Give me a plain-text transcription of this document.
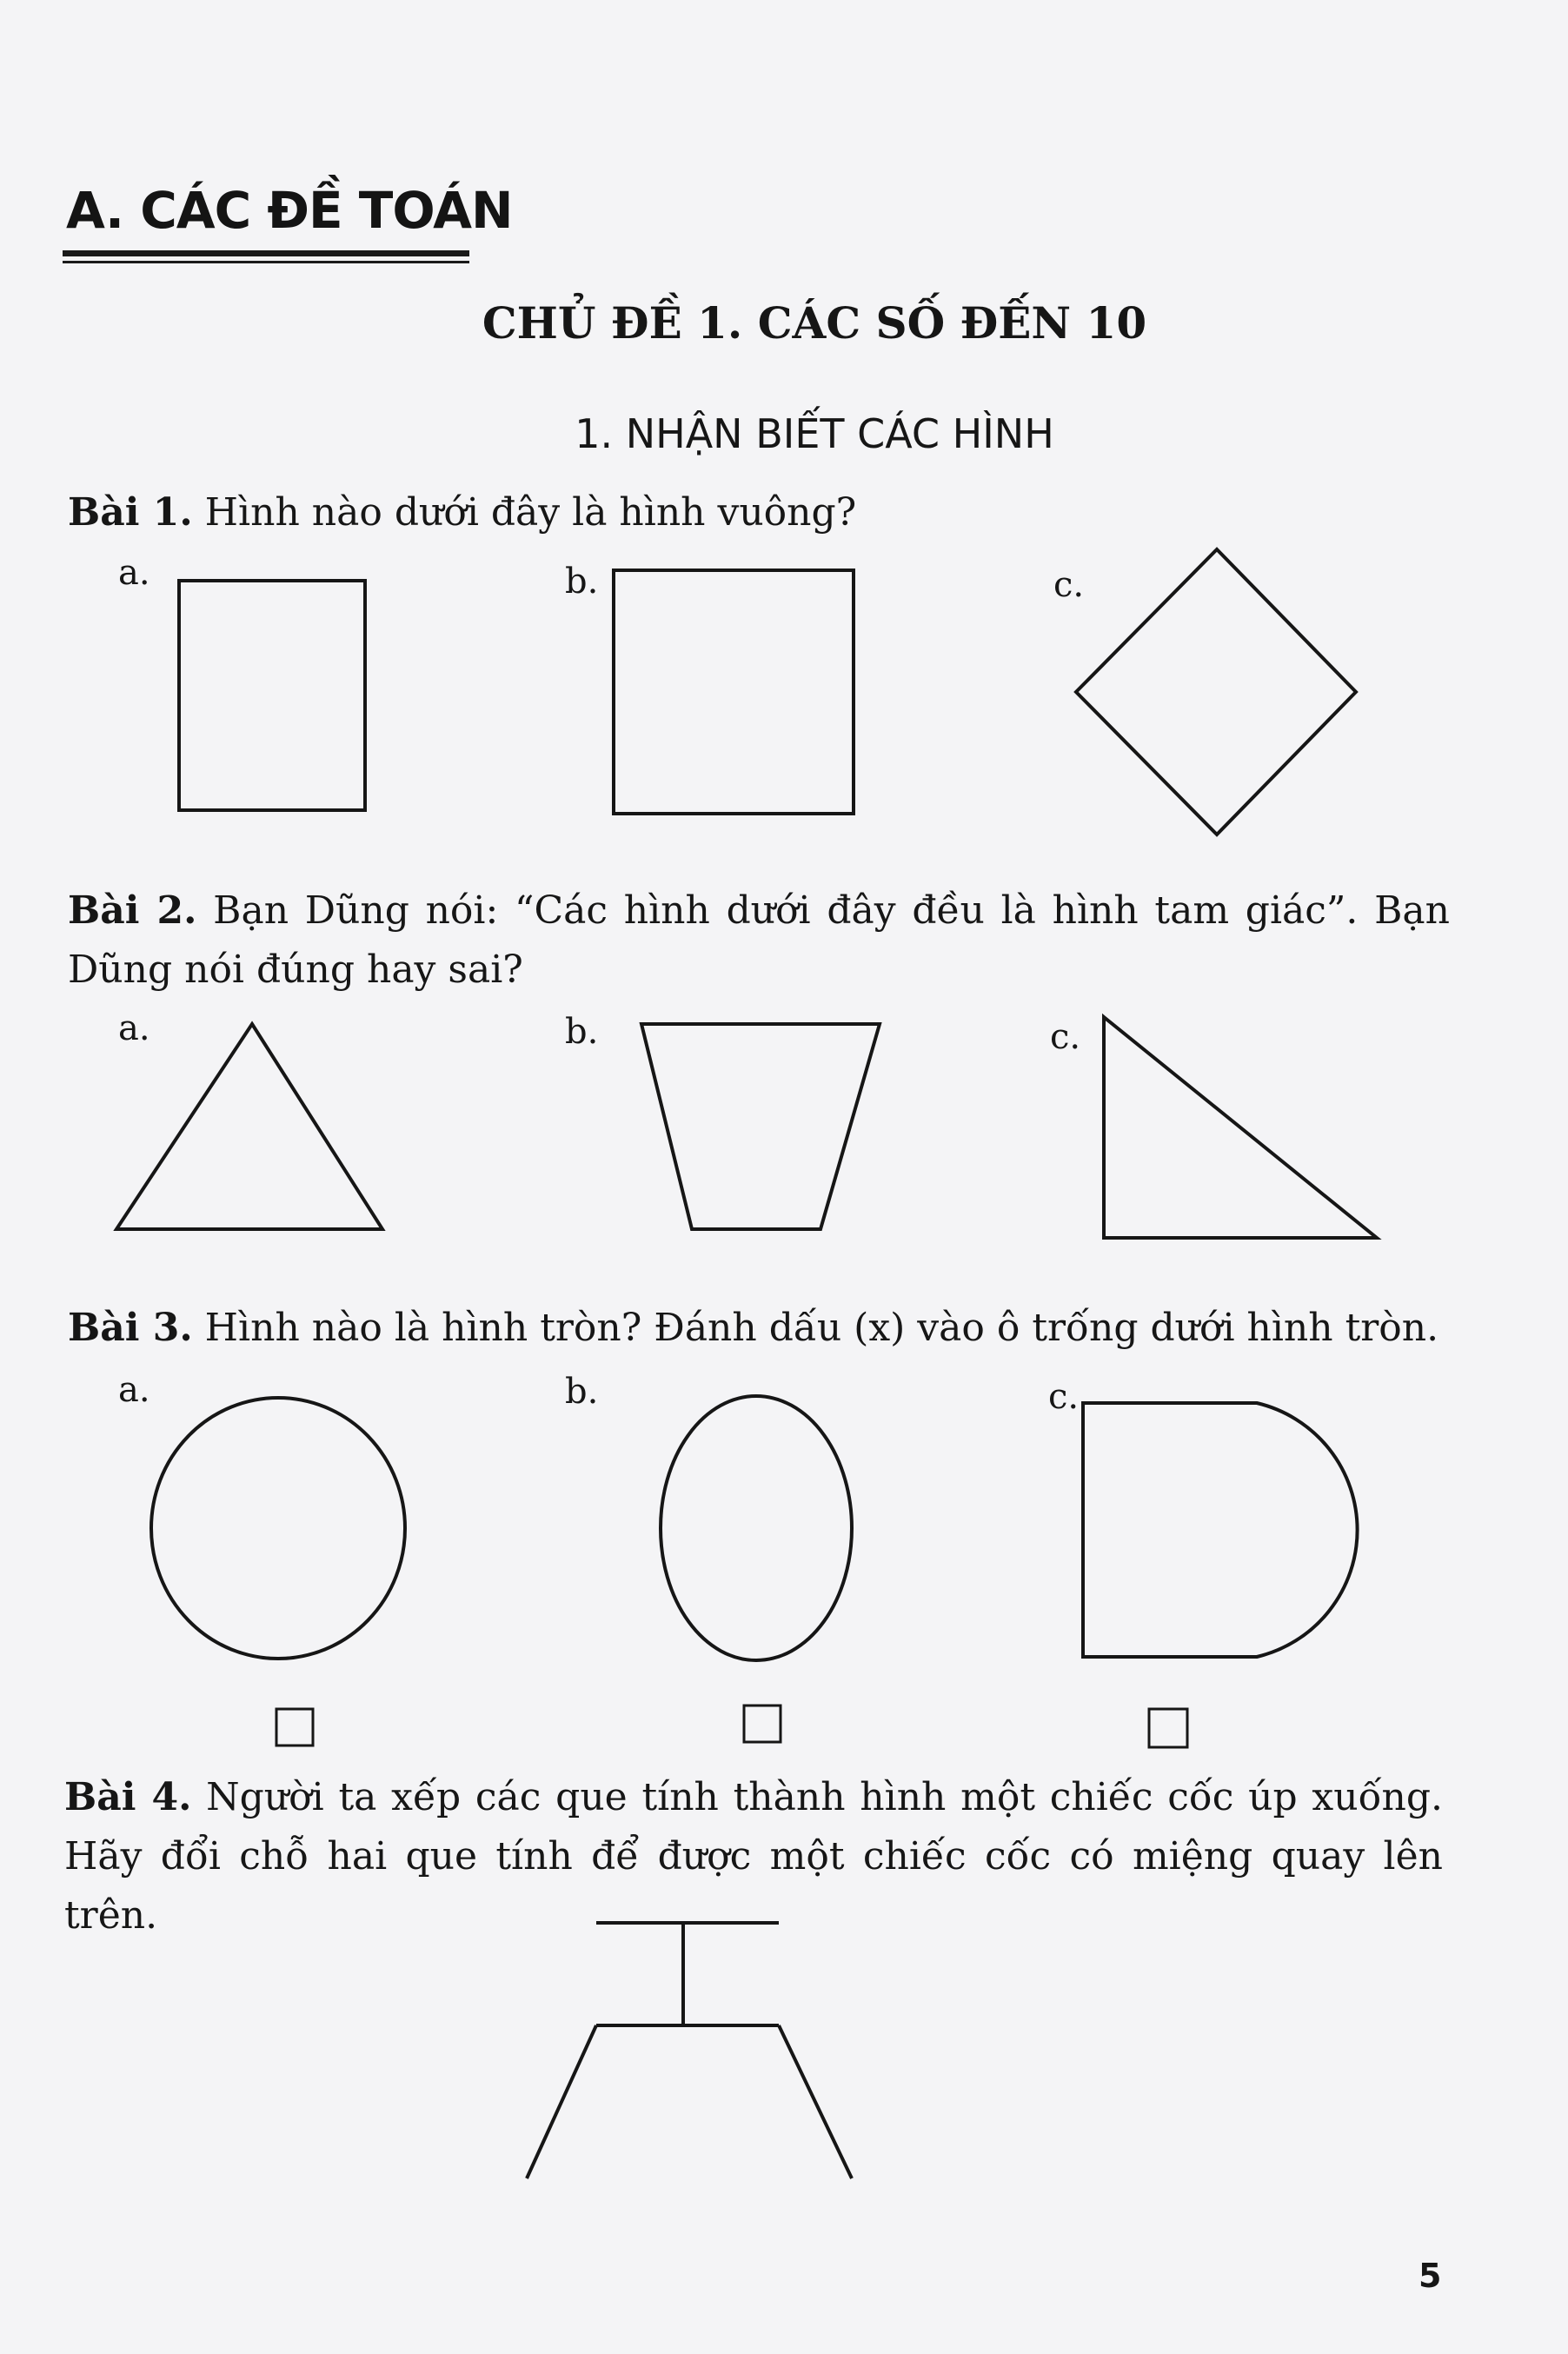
A. CÁC ĐỀ TOÁN
CHỦ ĐỀ 1. CÁC SỐ ĐẾN 10
1. NHẬN BIẾT CÁC HÌNH
Bài 1. Hình nào dưới đây là hình vuông?
a.	b.	c.
Bài 2. Bạn Dũng nói: “Các hình dưới đây đều là hình tam giác”. Bạn Dũng nói đúng hay sai?
a.	b.	c.
Bài 3. Hình nào là hình tròn? Đánh dấu (x) vào ô trống dưới hình tròn.
a.	b.	c.
Bài 4. Người ta xếp các que tính thành hình một chiếc cốc úp xuống. Hãy đổi chỗ hai que tính để được một chiếc cốc có miệng quay lên trên.
5
